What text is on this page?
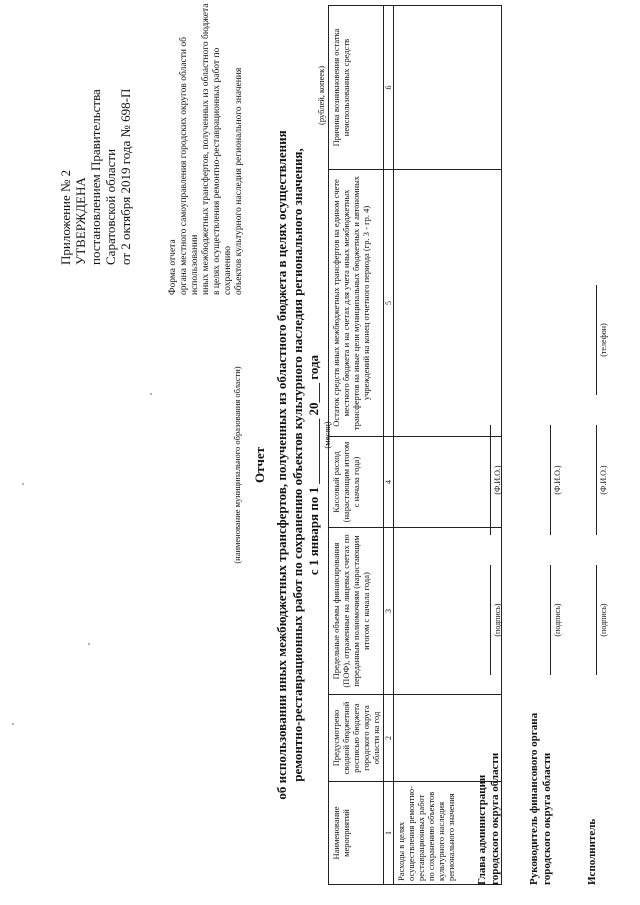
Приложение № 2 УТВЕРЖДЕНА постановлением Правительства Саратовской области от 2 октября 2019 года № 698-П
Форма отчета органа местного самоуправления городских округов области об использовании иных межбюджетных трансфертов, полученных из областного бюджета в целях осуществления ремонтно-реставрационных работ по сохранению объектов культурного наследия регионального значения
(наименование муниципального образования области) Отчет об использовании иных межбюджетных трансфертов, полученных из областного бюджета в целях осуществления ремонтно-реставрационных работ по сохранению объектов культурного наследия регионального значения, с 1 января по 1 __________ 20___ года (месяц)
(рублей, копеек)
Наименование мероприятий	Предусмотрено сводной бюджетной росписью бюджета городского округа области на год	Предельные объемы финансирования (ПОФ), отраженные на лицевых счетах по переданным полномочиям (нарастающим итогом с начала года)	Кассовый расход (нарастающим итогом с начала года)	Остаток средств иных межбюджетных трансфертов на едином счете местного бюджета и на счетах для учета иных межбюджетных трансфертов на иные цели муниципальных бюджетных и автономных учреждений на конец отчетного периода (гр. 3 - гр. 4)	Причина возникновения остатка неиспользованных средств
1	2	3	4	5	6
Расходы в целях осуществления ремонтно-реставрационных работ по сохранению объектов культурного наследия регионального значения					Глава администрации городского округа области
(подпись)
(Ф.И.О.)
Руководитель финансового органа городского округа области
(подпись)
(Ф.И.О.)
Исполнитель
(подпись)
(Ф.И.О.)
(телефон)
